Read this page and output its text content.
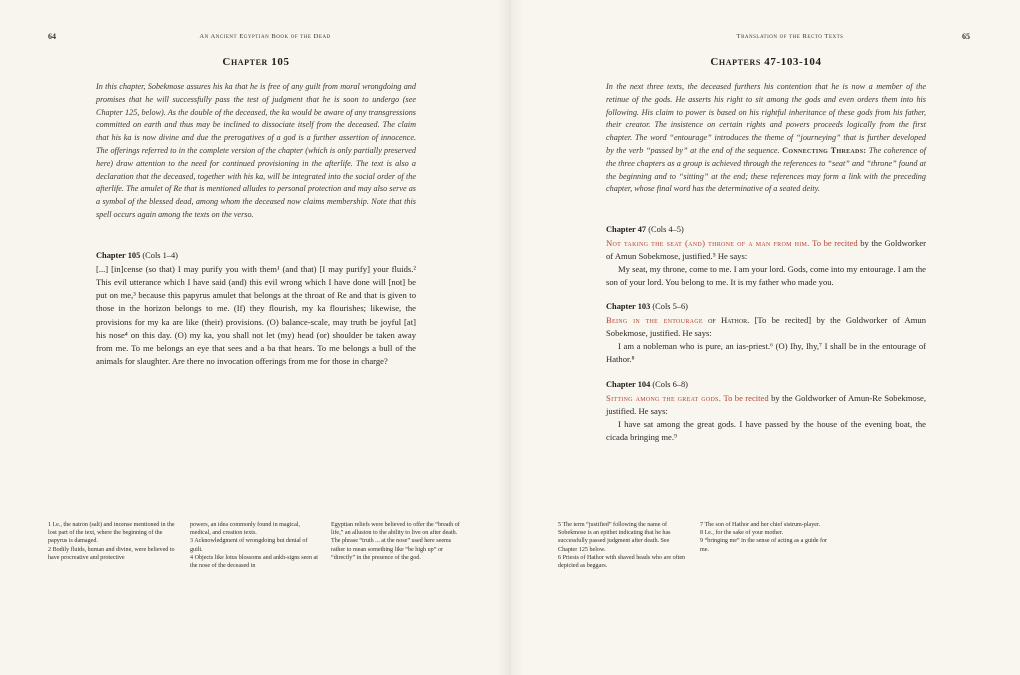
64	An Ancient Egyptian Book of the Dead
Chapter 105
In this chapter, Sobekmose assures his ka that he is free of any guilt from moral wrongdoing and promises that he will successfully pass the test of judgment that he is soon to undergo (see Chapter 125, below). As the double of the deceased, the ka would be aware of any transgressions committed on earth and thus may be inclined to dissociate itself from the deceased. The claim that his ka is now divine and due the prerogatives of a god is a further assertion of innocence. The offerings referred to in the complete version of the chapter (which is only partially preserved here) draw attention to the need for continued provisioning in the afterlife. The text is also a declaration that the deceased, together with his ka, will be integrated into the social order of the afterlife. The amulet of Re that is mentioned alludes to personal protection and may also serve as a symbol of the blessed dead, among whom the deceased now claims membership. Note that this spell occurs again among the texts on the verso.
Chapter 105 (Cols 1–4)
[...] [in]cense (so that) I may purify you with them¹ (and that) [I may purify] your fluids.² This evil utterance which I have said (and) this evil wrong which I have done will [not] be put on me,³ because this papyrus amulet that belongs at the throat of Re and that is given to those in the horizon belongs to me. (If) they flourish, my ka flourishes; likewise, the provisions for my ka are like (their) provisions. (O) balance-scale, may truth be joyful [at] his nose⁴ on this day. (O) my ka, you shall not let (my) head (or) shoulder be taken away from me. To me belongs an eye that sees and a ba that hears. To me belongs a bull of the animals for slaughter. Are there no invocation offerings from me for those in charge?

1 I.e., the natron (salt) and incense mentioned in the lost part of the text, where the beginning of the papyrus is damaged.

2 Bodily fluids, human and divine, were believed to have procreative and protective

powers, an idea commonly found in magical, medical, and creation texts.

3 Acknowledgment of wrongdoing but denial of guilt.

4 Objects like lotus blossoms and ankh-signs seen at the nose of the deceased in

Egyptian reliefs were believed to offer the “breath of life,” an allusion to the ability to live on after death. The phrase “truth ... at the nose” used here seems rather to mean something like “be high up” or “directly” in the presence of the god.

Translation of the Recto Texts	65
Chapters 47-103-104
In the next three texts, the deceased furthers his contention that he is now a member of the retinue of the gods. He asserts his right to sit among the gods and even orders them into his following. His claim to power is based on his rightful inheritance of these gods from his father, their creator. The insistence on certain rights and powers proceeds logically from the first chapter. The word “entourage” introduces the theme of “journeying” that is further developed by the verb “passed by” at the end of the sequence. Connecting Threads: The coherence of the three chapters as a group is achieved through the references to “seat” and “throne” found at the beginning and to “sitting” at the end; these references may form a link with the preceding chapter, whose final word has the determinative of a seated deity.
Chapter 47 (Cols 4–5)

Not taking the seat (and) throne of a man from him. To be recited by the Goldworker of Amun Sobekmose, justified.⁵ He says:

My seat, my throne, come to me. I am your lord. Gods, come into my entourage. I am the son of your lord. You belong to me. It is my father who made you.

Chapter 103 (Cols 5–6)

Being in the entourage of Hathor. [To be recited] by the Goldworker of Amun Sobekmose, justified. He says:

I am a nobleman who is pure, an ias-priest.⁶ (O) Ihy, Ihy,⁷ I shall be in the entourage of Hathor.⁸

Chapter 104 (Cols 6–8)

Sitting among the great gods. To be recited by the Goldworker of Amun-Re Sobekmose, justified. He says:

I have sat among the great gods. I have passed by the house of the evening boat, the cicada bringing me.⁹

5 The term “justified” following the name of Sobekmose is an epithet indicating that he has successfully passed judgment after death. See Chapter 125 below.

6 Priests of Hathor with shaved heads who are often depicted as beggars.

7 The son of Hathor and her chief sistrum-player.

8 I.e., for the sake of your mother.

9 “bringing me” in the sense of acting as a guide for me.
